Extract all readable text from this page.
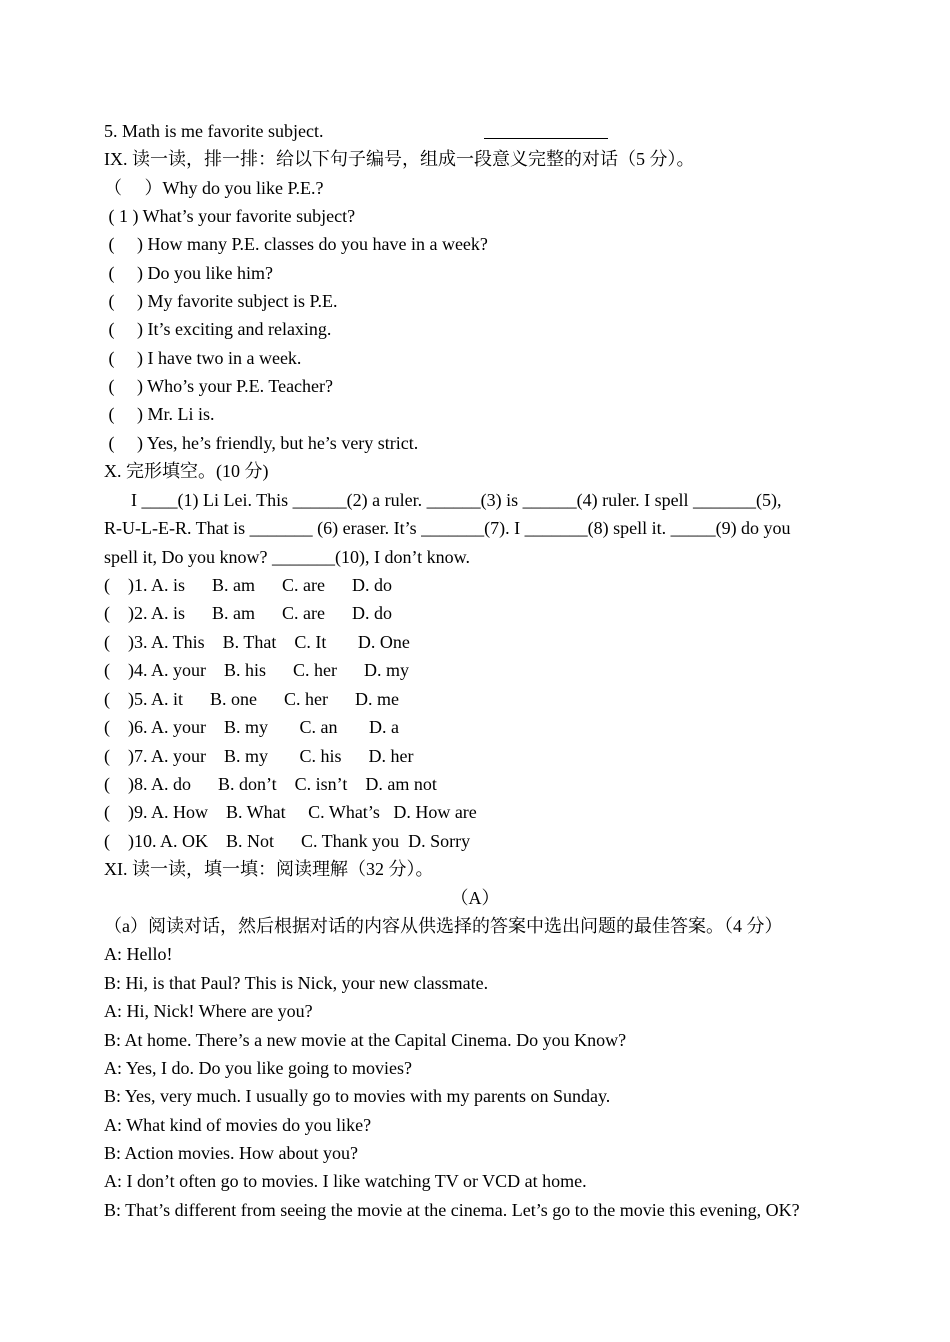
5. Math is me favorite subject.
IX. 读一读，排一排：给以下句子编号，组成一段意义完整的对话（5 分）。
（　 ）Why do you like P.E.?
( 1 ) What’s your favorite subject?
(　 ) How many P.E. classes do you have in a week?
(　 ) Do you like him?
(　 ) My favorite subject is P.E.
(　 ) It’s exciting and relaxing.
(　 ) I have two in a week.
(　 ) Who’s your P.E. Teacher?
(　 ) Mr. Li is.
(　 ) Yes, he’s friendly, but he’s very strict.
X. 完形填空。(10 分)
I ____(1) Li Lei. This ______(2) a ruler. ______(3) is ______(4) ruler. I spell _______(5),
R-U-L-E-R. That is _______ (6) eraser. It’s _______(7). I _______(8) spell it. _____(9) do you
spell it, Do you know? _______(10), I don’t know.
(    )1. A. is      B. am      C. are      D. do
(    )2. A. is      B. am      C. are      D. do
(    )3. A. This    B. That    C. It       D. One
(    )4. A. your    B. his      C. her      D. my
(    )5. A. it      B. one      C. her      D. me
(    )6. A. your    B. my       C. an       D. a
(    )7. A. your    B. my       C. his      D. her
(    )8. A. do      B. don’t    C. isn’t    D. am not
(    )9. A. How    B. What     C. What’s   D. How are
(    )10. A. OK    B. Not      C. Thank you  D. Sorry
XI. 读一读，填一填：阅读理解（32 分）。
（A）
（a）阅读对话，然后根据对话的内容从供选择的答案中选出问题的最佳答案。（4 分）
A: Hello!
B: Hi, is that Paul? This is Nick, your new classmate.
A: Hi, Nick! Where are you?
B: At home. There’s a new movie at the Capital Cinema. Do you Know?
A: Yes, I do. Do you like going to movies?
B: Yes, very much. I usually go to movies with my parents on Sunday.
A: What kind of movies do you like?
B: Action movies. How about you?
A: I don’t often go to movies. I like watching TV or VCD at home.
B: That’s different from seeing the movie at the cinema. Let’s go to the movie this evening, OK?
